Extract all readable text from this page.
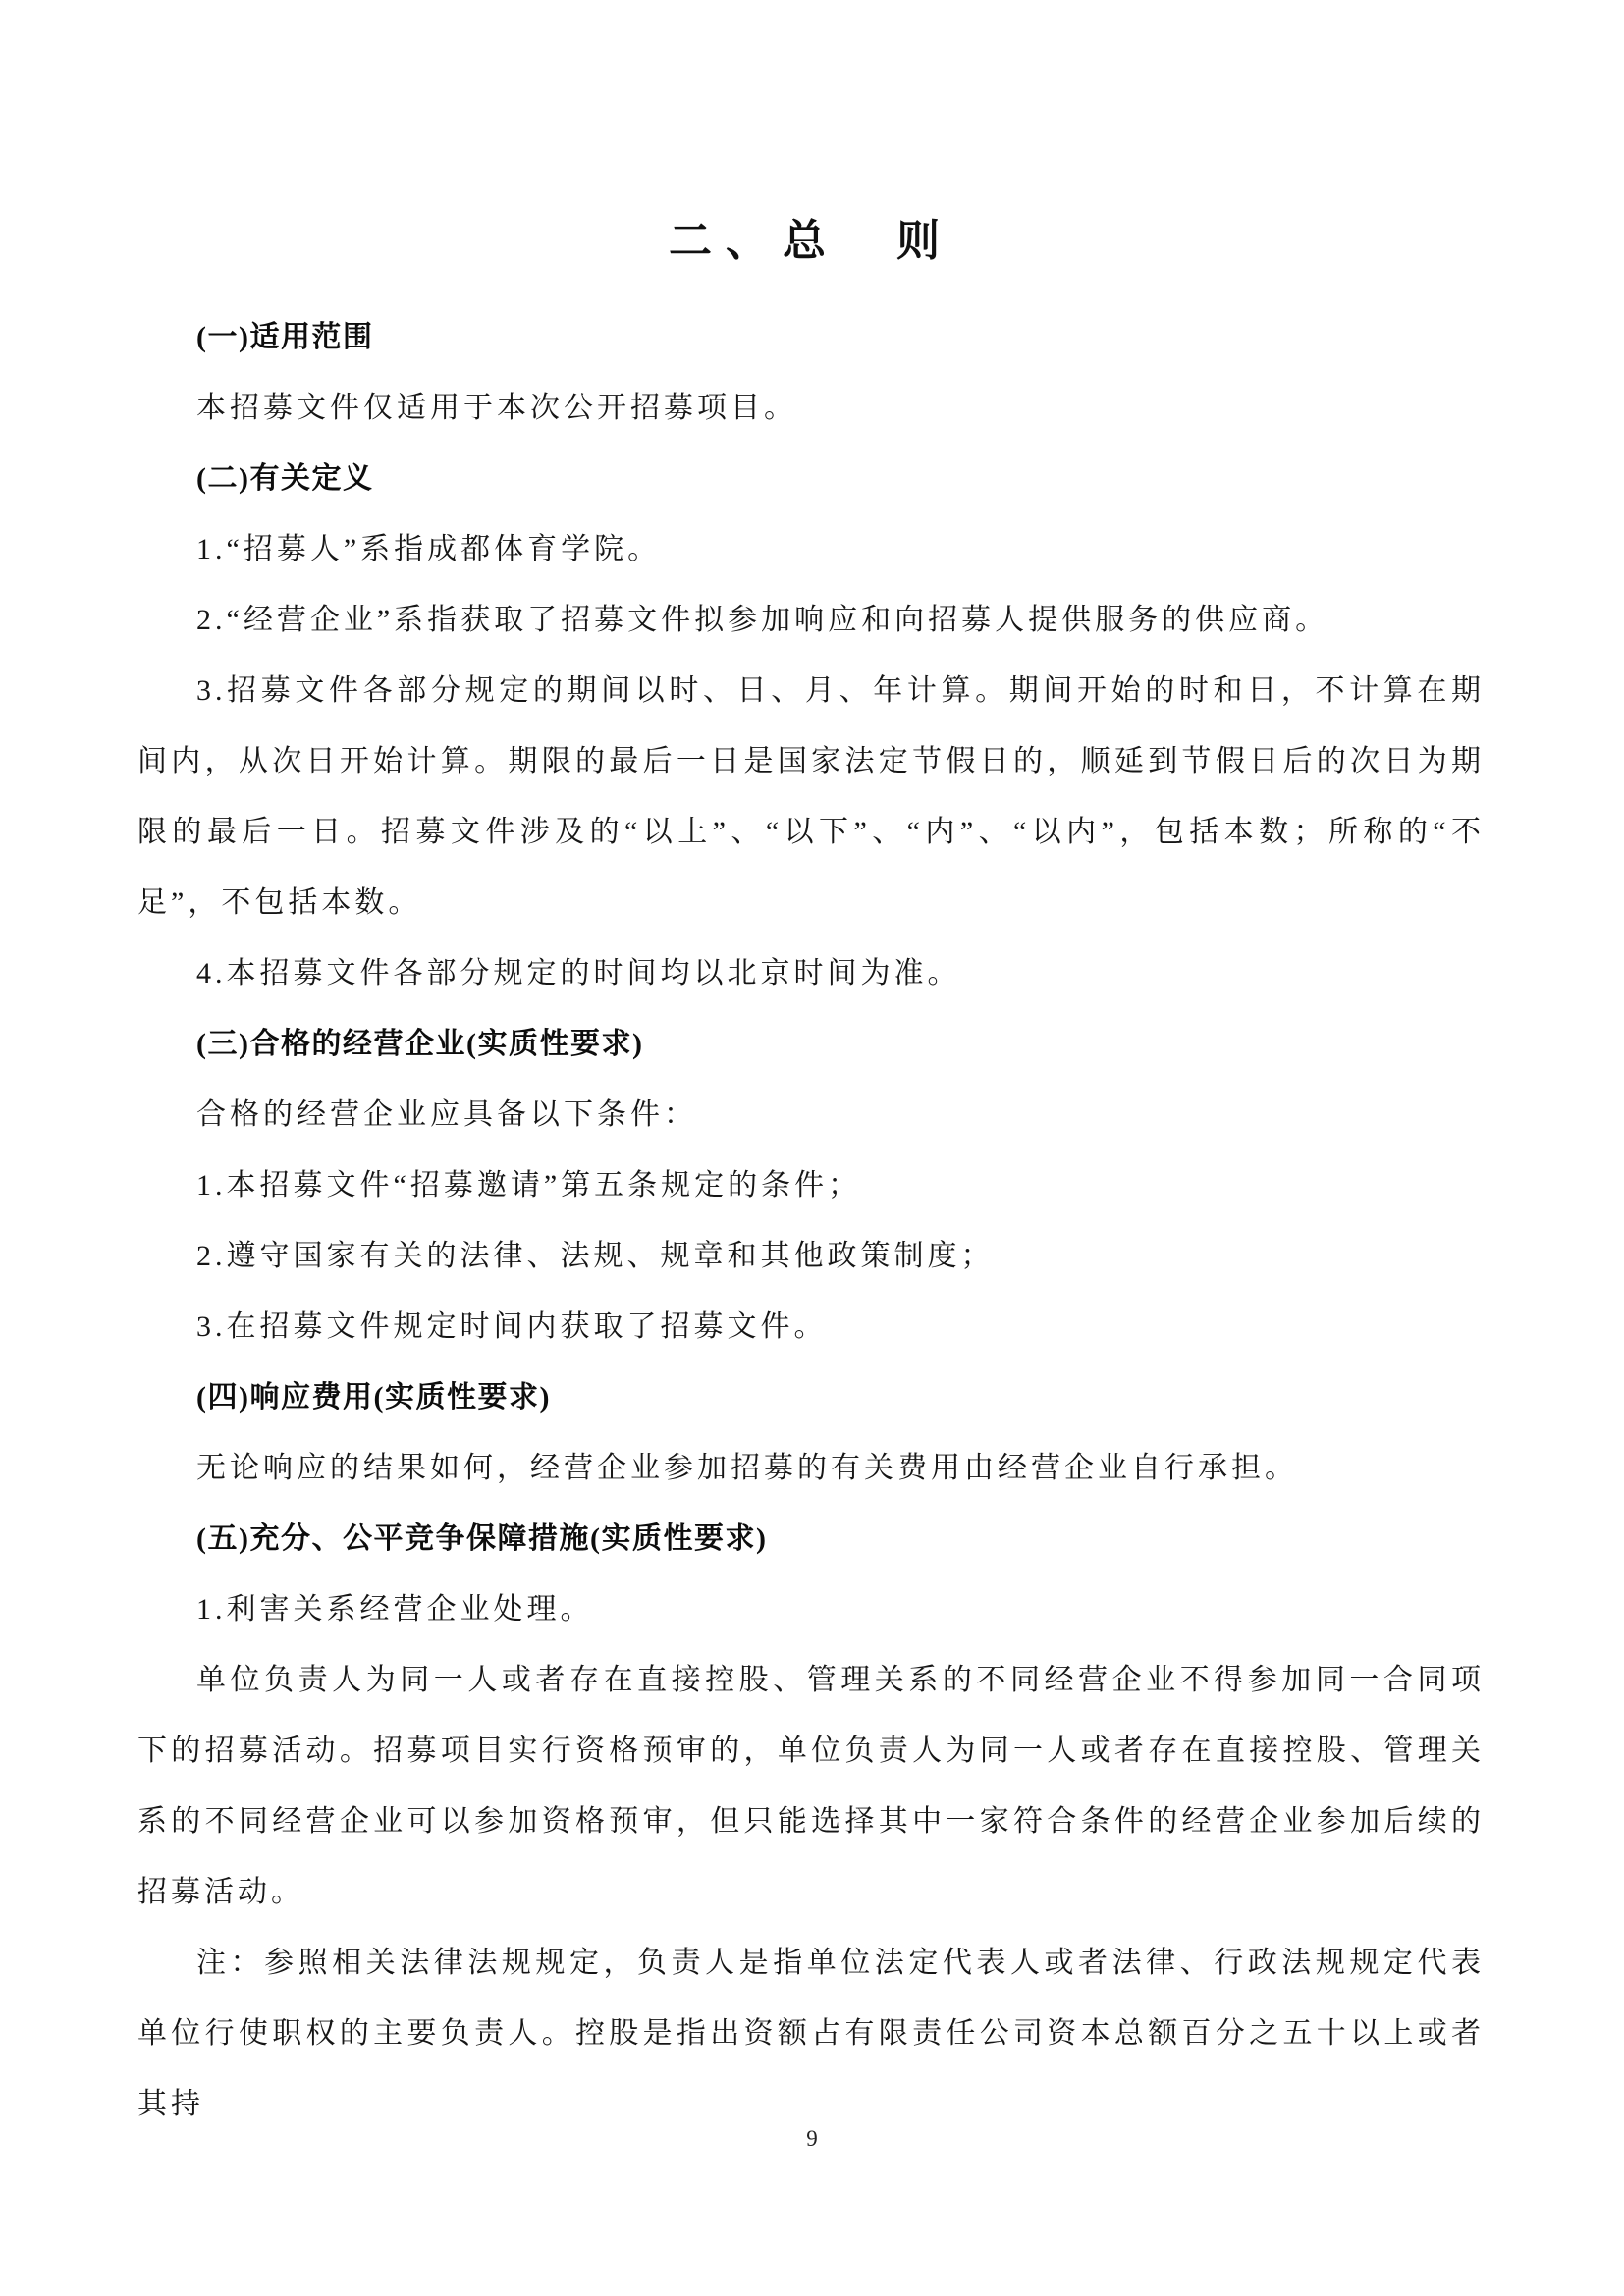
二、总　则

(一)适用范围

本招募文件仅适用于本次公开招募项目。

(二)有关定义

1.“招募人”系指成都体育学院。

2.“经营企业”系指获取了招募文件拟参加响应和向招募人提供服务的供应商。

3.招募文件各部分规定的期间以时、日、月、年计算。期间开始的时和日，不计算在期间内，从次日开始计算。期限的最后一日是国家法定节假日的，顺延到节假日后的次日为期限的最后一日。招募文件涉及的“以上”、“以下”、“内”、“以内”，包括本数；所称的“不足”，不包括本数。

4.本招募文件各部分规定的时间均以北京时间为准。

(三)合格的经营企业(实质性要求)

合格的经营企业应具备以下条件：

1.本招募文件“招募邀请”第五条规定的条件；

2.遵守国家有关的法律、法规、规章和其他政策制度；

3.在招募文件规定时间内获取了招募文件。

(四)响应费用(实质性要求)

无论响应的结果如何，经营企业参加招募的有关费用由经营企业自行承担。

(五)充分、公平竞争保障措施(实质性要求)

1.利害关系经营企业处理。

单位负责人为同一人或者存在直接控股、管理关系的不同经营企业不得参加同一合同项下的招募活动。招募项目实行资格预审的，单位负责人为同一人或者存在直接控股、管理关系的不同经营企业可以参加资格预审，但只能选择其中一家符合条件的经营企业参加后续的招募活动。

注：参照相关法律法规规定，负责人是指单位法定代表人或者法律、行政法规规定代表单位行使职权的主要负责人。控股是指出资额占有限责任公司资本总额百分之五十以上或者其持

9
